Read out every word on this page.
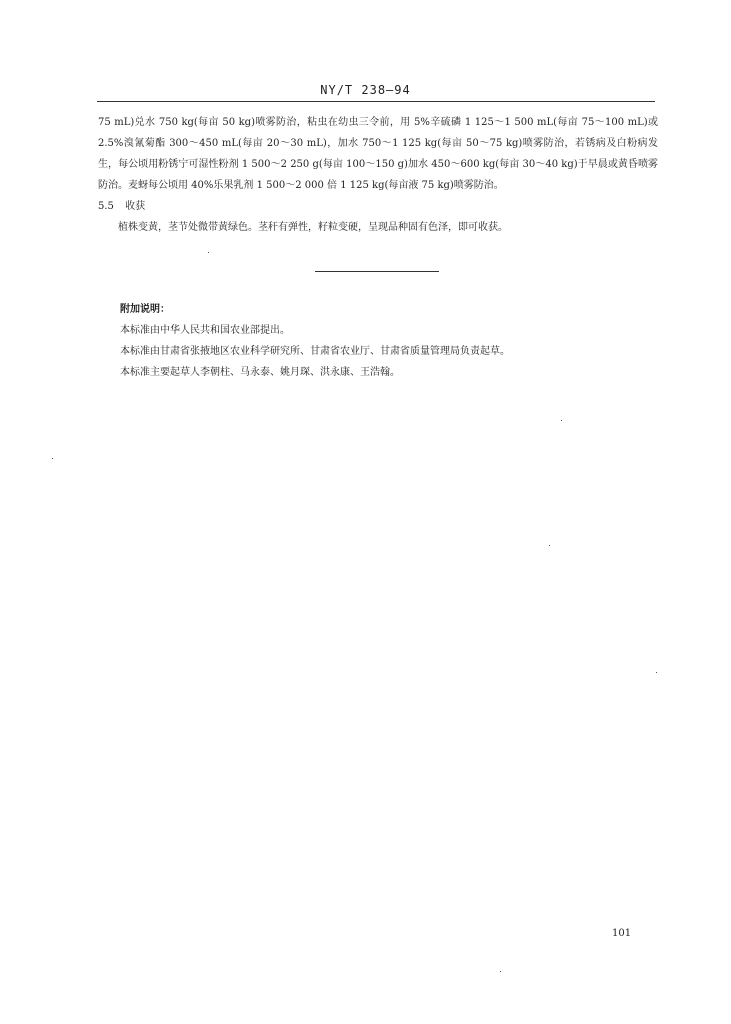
NY/T 238—94

75 mL)兑水 750 kg(每亩 50 kg)喷雾防治，粘虫在幼虫三令前，用 5%辛硫磷 1 125～1 500 mL(每亩 75～100 mL)或 2.5%溴氰菊酯 300～450 mL(每亩 20～30 mL)，加水 750～1 125 kg(每亩 50～75 kg)喷雾防治，若锈病及白粉病发生，每公顷用粉锈宁可湿性粉剂 1 500～2 250 g(每亩 100～150 g)加水 450～600 kg(每亩 30～40 kg)于早晨或黄昏喷雾防治。麦蚜每公顷用 40%乐果乳剂 1 500～2 000 倍 1 125 kg(每亩液 75 kg)喷雾防治。

5.5 收获

植株变黄，茎节处微带黄绿色。茎秆有弹性，籽粒变硬，呈现品种固有色泽，即可收获。

附加说明：

本标准由中华人民共和国农业部提出。

本标准由甘肃省张掖地区农业科学研究所、甘肃省农业厅、甘肃省质量管理局负责起草。

本标准主要起草人李朝柱、马永泰、姚月琛、洪永康、王浩翰。

101
